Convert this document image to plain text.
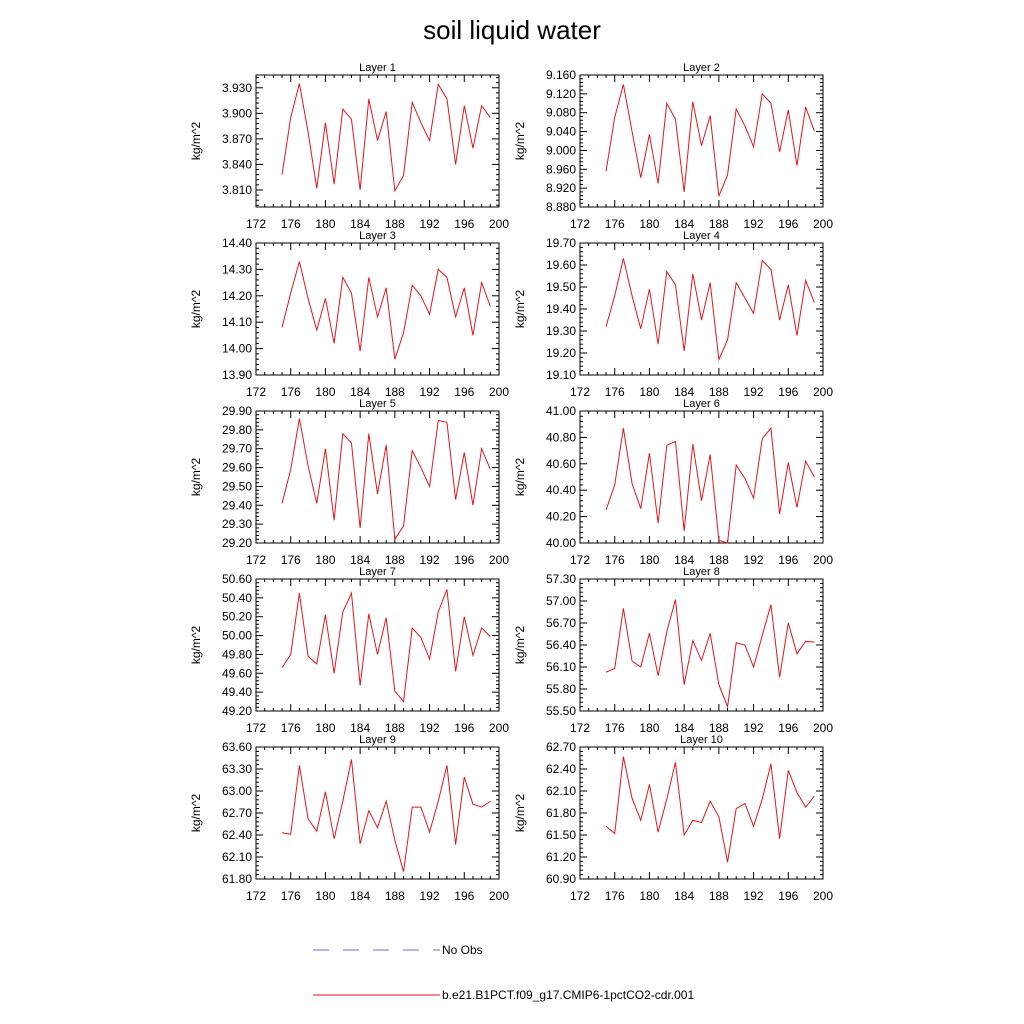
soil liquid water
Layer 1
kg/m^2
172 176 180 184 188 192 196 200
3.810
3.840
3.870
3.900
3.930
Layer 2
kg/m^2
172 176 180 184 188 192 196 200
8.880
8.920
8.960
9.000
9.040
9.080
9.120
9.160
Layer 3
kg/m^2
172 176 180 184 188 192 196 200
13.90
14.00
14.10
14.20
14.30
14.40	Layer 4
kg/m^2
172 176 180 184 188 192 196 200
19.10
19.20
19.30
19.40
19.50
19.60
19.70
Layer 5
kg/m^2
172 176 180 184 188 192 196 200
29.20
29.30
29.40
29.50
29.60
29.70
29.80
29.90	Layer 6
kg/m^2
172 176 180 184 188 192 196 200
40.00
40.20
40.40
40.60
40.80
41.00
Layer 7
kg/m^2
172 176 180 184 188 192 196 200
49.20
49.40
49.60
49.80
50.00
50.20
50.40
50.60	Layer 8
kg/m^2
172 176 180 184 188 192 196 200
55.50
55.80
56.10
56.40
56.70
57.00
57.30
Layer 9
kg/m^2
172 176 180 184 188 192 196 200
61.80
62.10
62.40
62.70
63.00
63.30
63.60	Layer 10
kg/m^2
172 176 180 184 188 192 196 200
60.90
61.20
61.50
61.80
62.10
62.40
62.70
No Obs
b.e21.B1PCT.f09_g17.CMIP6-1pctCO2-cdr.001
